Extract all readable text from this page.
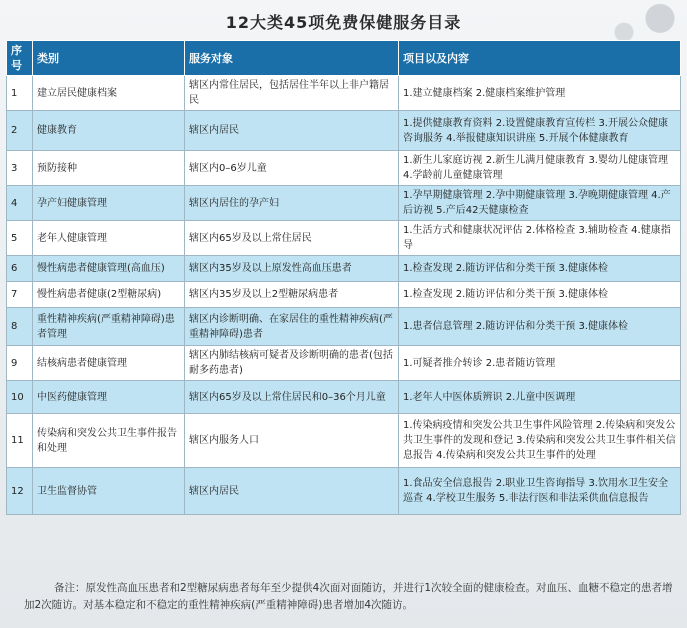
12大类45项免费保健服务目录
序号	类别	服务对象	项目以及内容
1	建立居民健康档案	辖区内常住居民，包括居住半年以上非户籍居民	1.建立健康档案 2.健康档案维护管理
2	健康教育	辖区内居民	1.提供健康教育资料 2.设置健康教育宣传栏 3.开展公众健康咨询服务 4.举报健康知识讲座 5.开展个体健康教育
3	预防接种	辖区内0–6岁儿童	1.新生儿家庭访视 2.新生儿满月健康教育 3.婴幼儿健康管理 4.学龄前儿童健康管理
4	孕产妇健康管理	辖区内居住的孕产妇	1.孕早期健康管理 2.孕中期健康管理 3.孕晚期健康管理 4.产后访视 5.产后42天健康检查
5	老年人健康管理	辖区内65岁及以上常住居民	1.生活方式和健康状况评估 2.体格检查 3.辅助检查 4.健康指导
6	慢性病患者健康管理(高血压)	辖区内35岁及以上原发性高血压患者	1.检查发现 2.随访评估和分类干预 3.健康体检
7	慢性病患者健康(2型糖尿病)	辖区内35岁及以上2型糖尿病患者	1.检查发现 2.随访评估和分类干预 3.健康体检
8	重性精神疾病(严重精神障碍)患者管理	辖区内诊断明确、在家居住的重性精神疾病(严重精神障碍)患者	1.患者信息管理 2.随访评估和分类干预 3.健康体检
9	结核病患者健康管理	辖区内肺结核病可疑者及诊断明确的患者(包括耐多药患者)	1.可疑者推介转诊 2.患者随访管理
10	中医药健康管理	辖区内65岁及以上常住居民和0–36个月儿童	1.老年人中医体质辨识 2.儿童中医调理
11	传染病和突发公共卫生事件报告和处理	辖区内服务人口	1.传染病疫情和突发公共卫生事件风险管理 2.传染病和突发公共卫生事件的发现和登记 3.传染病和突发公共卫生事件相关信息报告 4.传染病和突发公共卫生事件的处理
12	卫生监督协管	辖区内居民	1.食品安全信息报告 2.职业卫生咨询指导 3.饮用水卫生安全巡查 4.学校卫生服务 5.非法行医和非法采供血信息报告
备注：原发性高血压患者和2型糖尿病患者每年至少提供4次面对面随访，并进行1次较全面的健康检查。对血压、血糖不稳定的患者增加2次随访。对基本稳定和不稳定的重性精神疾病(严重精神障碍)患者增加4次随访。
